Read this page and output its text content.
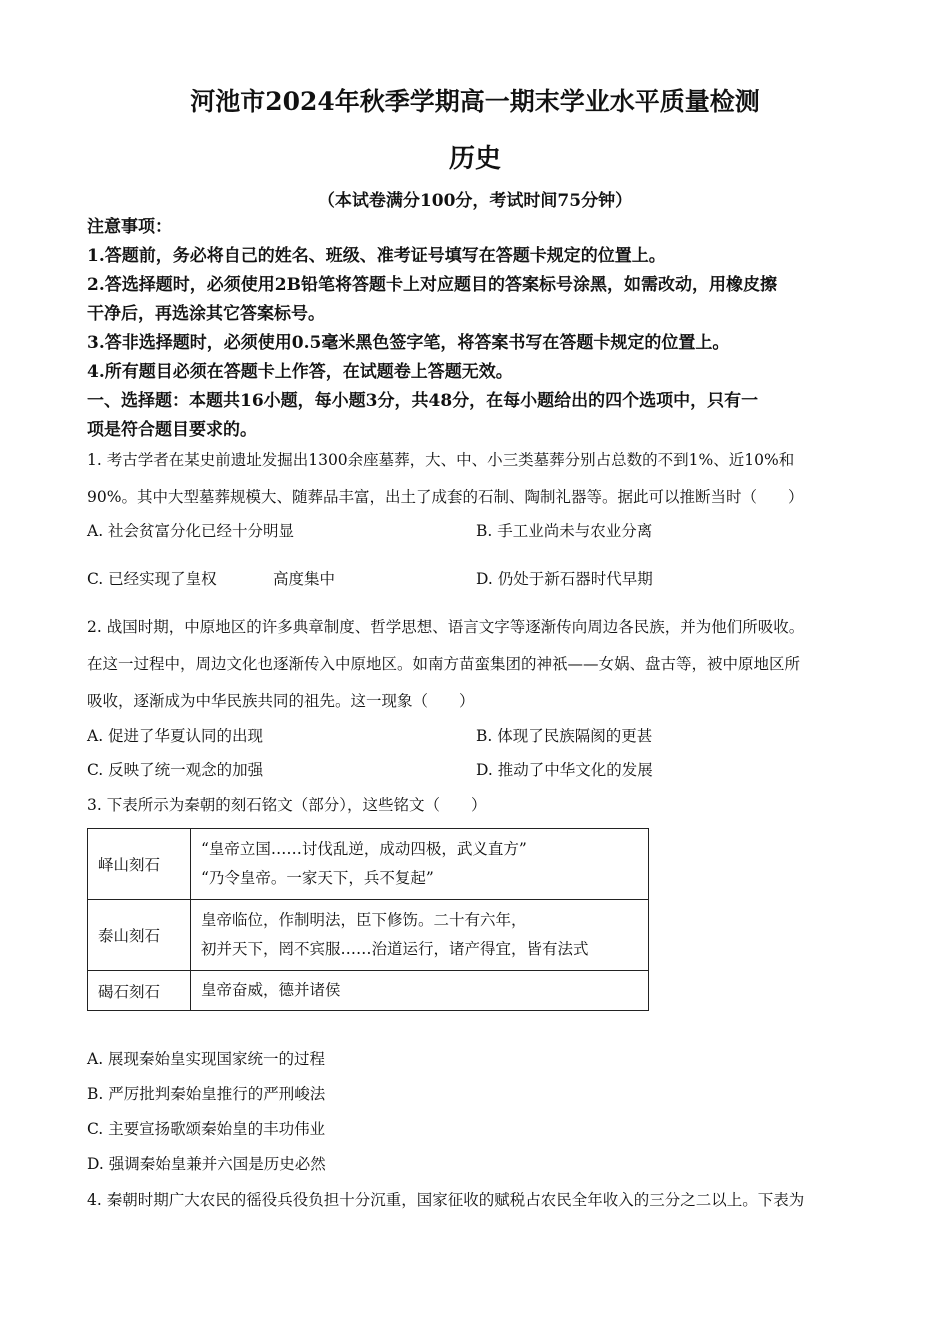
河池市2024年秋季学期高一期末学业水平质量检测
历史
（本试卷满分100分，考试时间75分钟）
注意事项：
1.答题前，务必将自己的姓名、班级、准考证号填写在答题卡规定的位置上。
2.答选择题时，必须使用2B铅笔将答题卡上对应题目的答案标号涂黑，如需改动，用橡皮擦
干净后，再选涂其它答案标号。
3.答非选择题时，必须使用0.5毫米黑色签字笔，将答案书写在答题卡规定的位置上。
4.所有题目必须在答题卡上作答，在试题卷上答题无效。
一、选择题：本题共16小题，每小题3分，共48分，在每小题给出的四个选项中，只有一
项是符合题目要求的。
1. 考古学者在某史前遗址发掘出1300余座墓葬，大、中、小三类墓葬分别占总数的不到1%、近10%和
90%。其中大型墓葬规模大、随葬品丰富，出土了成套的石制、陶制礼器等。据此可以推断当时（　　）
A. 社会贫富分化已经十分明显	B. 手工业尚未与农业分离
C. 已经实现了皇权	高度集中	D. 仍处于新石器时代早期
2. 战国时期，中原地区的许多典章制度、哲学思想、语言文字等逐渐传向周边各民族，并为他们所吸收。
在这一过程中，周边文化也逐渐传入中原地区。如南方苗蛮集团的神祇——女娲、盘古等，被中原地区所
吸收，逐渐成为中华民族共同的祖先。这一现象（　　）
A. 促进了华夏认同的出现	B. 体现了民族隔阂的更甚
C. 反映了统一观念的加强	D. 推动了中华文化的发展
3. 下表所示为秦朝的刻石铭文（部分），这些铭文（　　）
峄山刻石	“皇帝立国……讨伐乱逆，成动四极，武义直方”
“乃令皇帝。一家天下，兵不复起”

泰山刻石	皇帝临位，作制明法，臣下修饬。二十有六年，
初并天下，罔不宾服……治道运行，诸产得宜，皆有法式

碣石刻石	皇帝奋威，德并诸侯
A. 展现秦始皇实现国家统一的过程
B. 严厉批判秦始皇推行的严刑峻法
C. 主要宣扬歌颂秦始皇的丰功伟业
D. 强调秦始皇兼并六国是历史必然
4. 秦朝时期广大农民的徭役兵役负担十分沉重，国家征收的赋税占农民全年收入的三分之二以上。下表为
